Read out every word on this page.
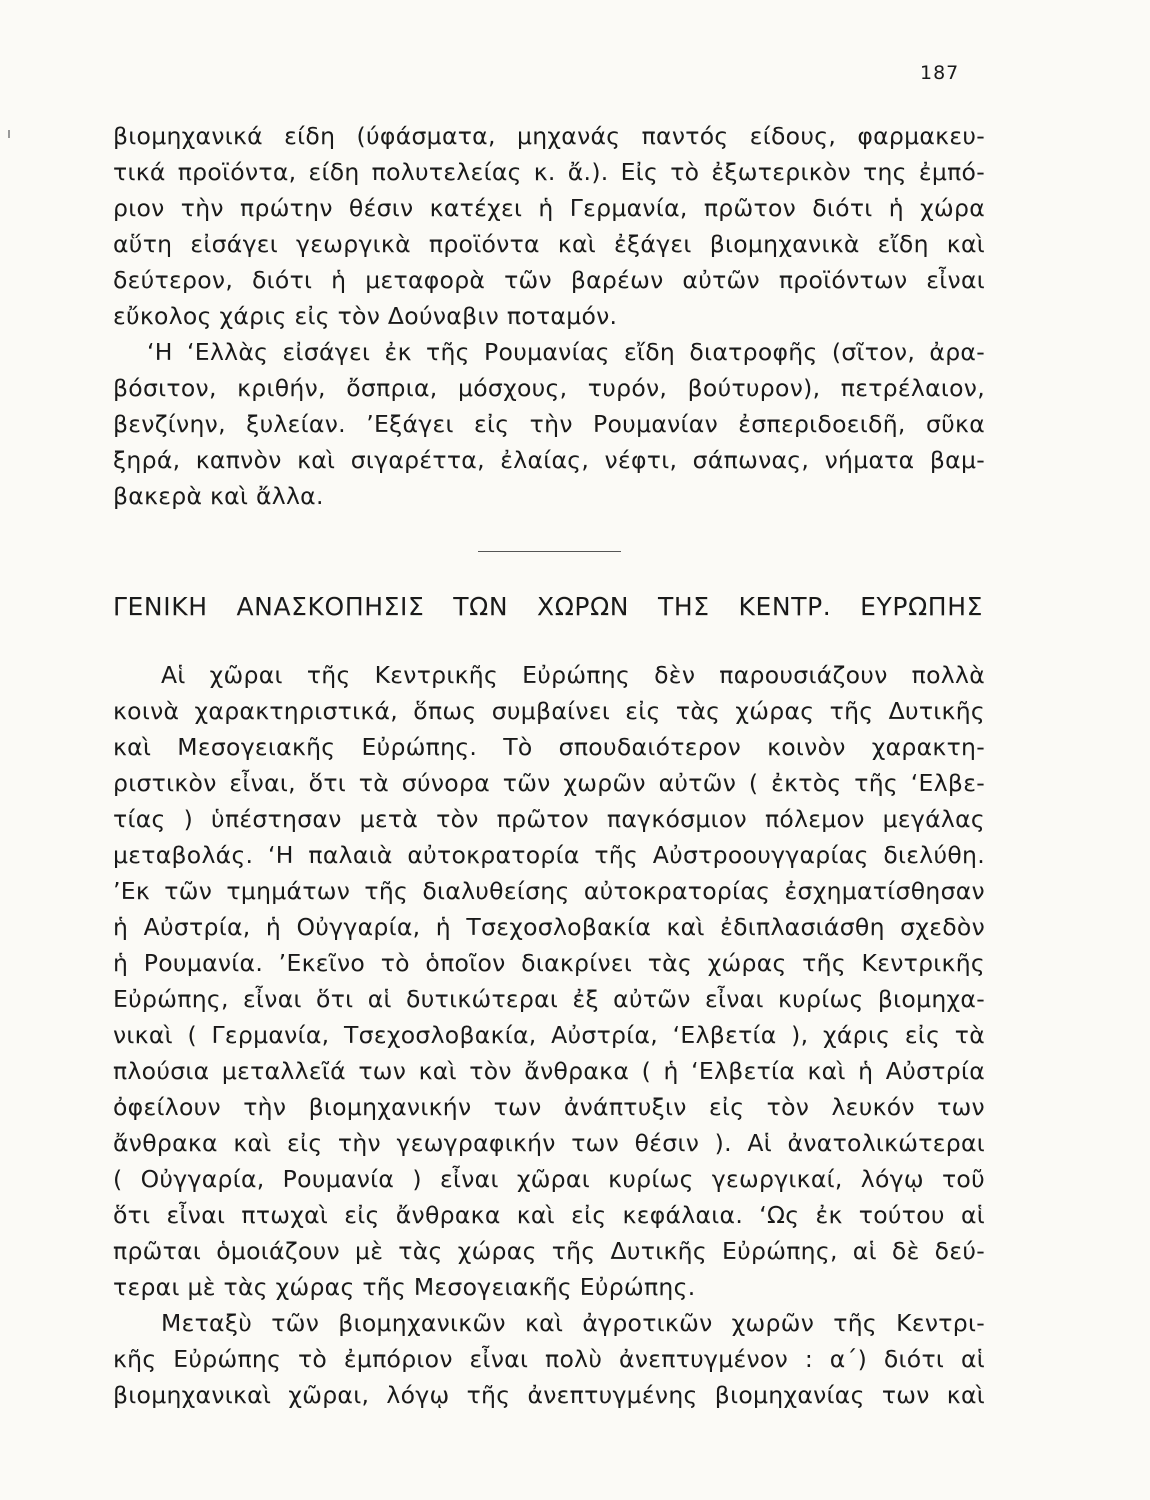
187
βιομηχανικά είδη (ύφάσματα, μηχανάς παντός είδους, φαρμακευ-
τικά προϊόντα, είδη πολυτελείας κ. ἄ.). Εἰς τὸ ἐξωτερικὸν της ἐμπό-
ριον τὴν πρώτην θέσιν κατέχει ἡ Γερμανία, πρῶτον διότι ἡ χώρα
αὕτη εἰσάγει γεωργικὰ προϊόντα καὶ ἐξάγει βιομηχανικὰ εἴδη καὶ
δεύτερον, διότι ἡ μεταφορὰ τῶν βαρέων αὐτῶν προϊόντων εἶναι
εὔκολος χάρις εἰς τὸν Δούναβιν ποταμόν.
‘Η ‘Ελλὰς εἰσάγει ἐκ τῆς Ρουμανίας εἴδη διατροφῆς (σῖτον, ἀρα-
βόσιτον, κριθήν, ὄσπρια, μόσχους, τυρόν, βούτυρον), πετρέλαιον,
βενζίνην, ξυλείαν. ’Εξάγει εἰς τὴν Ρουμανίαν ἐσπεριδοειδῆ, σῦκα
ξηρά, καπνὸν καὶ σιγαρέττα, ἐλαίας, νέφτι, σάπωνας, νήματα βαμ-
βακερὰ καὶ ἄλλα.
ΓΕΝΙΚΗ ΑΝΑΣΚΟΠΗΣΙΣ ΤΩΝ ΧΩΡΩΝ ΤΗΣ ΚΕΝΤΡ. ΕΥΡΩΠΗΣ
Αἱ χῶραι τῆς Κεντρικῆς Εὐρώπης δὲν παρουσιάζουν πολλὰ
κοινὰ χαρακτηριστικά, ὅπως συμβαίνει εἰς τὰς χώρας τῆς Δυτικῆς
καὶ Μεσογειακῆς Εὐρώπης. Τὸ σπουδαιότερον κοινὸν χαρακτη-
ριστικὸν εἶναι, ὅτι τὰ σύνορα τῶν χωρῶν αὐτῶν ( ἐκτὸς τῆς ‘Ελβε-
τίας ) ὑπέστησαν μετὰ τὸν πρῶτον παγκόσμιον πόλεμον μεγάλας
μεταβολάς. ‘Η παλαιὰ αὐτοκρατορία τῆς Αὐστροουγγαρίας διελύθη.
’Εκ τῶν τμημάτων τῆς διαλυθείσης αὐτοκρατορίας ἐσχηματίσθησαν
ἡ Αὐστρία, ἡ Οὐγγαρία, ἡ Τσεχοσλοβακία καὶ ἐδιπλασιάσθη σχεδὸν
ἡ Ρουμανία. ’Εκεῖνο τὸ ὁποῖον διακρίνει τὰς χώρας τῆς Κεντρικῆς
Εὐρώπης, εἶναι ὅτι αἱ δυτικώτεραι ἐξ αὐτῶν εἶναι κυρίως βιομηχα-
νικαὶ ( Γερμανία, Τσεχοσλοβακία, Αὐστρία, ‘Ελβετία ), χάρις εἰς τὰ
πλούσια μεταλλεῖά των καὶ τὸν ἄνθρακα ( ἡ ‘Ελβετία καὶ ἡ Αὐστρία
ὀφείλουν τὴν βιομηχανικήν των ἀνάπτυξιν εἰς τὸν λευκόν των
ἄνθρακα καὶ εἰς τὴν γεωγραφικήν των θέσιν ). Αἱ ἀνατολικώτεραι
( Οὐγγαρία, Ρουμανία ) εἶναι χῶραι κυρίως γεωργικαί, λόγῳ τοῦ
ὅτι εἶναι πτωχαὶ εἰς ἄνθρακα καὶ εἰς κεφάλαια. ‘Ως ἐκ τούτου αἱ
πρῶται ὁμοιάζουν μὲ τὰς χώρας τῆς Δυτικῆς Εὐρώπης, αἱ δὲ δεύ-
τεραι μὲ τὰς χώρας τῆς Μεσογειακῆς Εὐρώπης.
Μεταξὺ τῶν βιομηχανικῶν καὶ ἀγροτικῶν χωρῶν τῆς Κεντρι-
κῆς Εὐρώπης τὸ ἐμπόριον εἶναι πολὺ ἀνεπτυγμένον : α΄) διότι αἱ
βιομηχανικαὶ χῶραι, λόγῳ τῆς ἀνεπτυγμένης βιομηχανίας των καὶ
